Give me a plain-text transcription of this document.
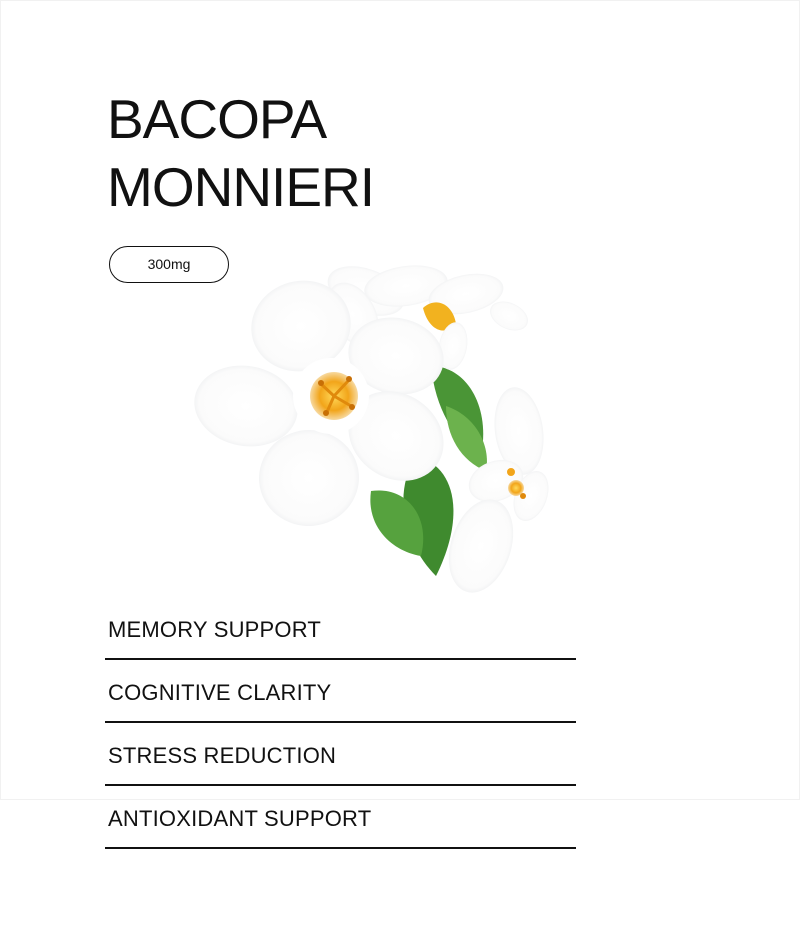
BACOPA
MONNIERI
300mg
MEMORY SUPPORT
COGNITIVE CLARITY
STRESS REDUCTION
ANTIOXIDANT SUPPORT
